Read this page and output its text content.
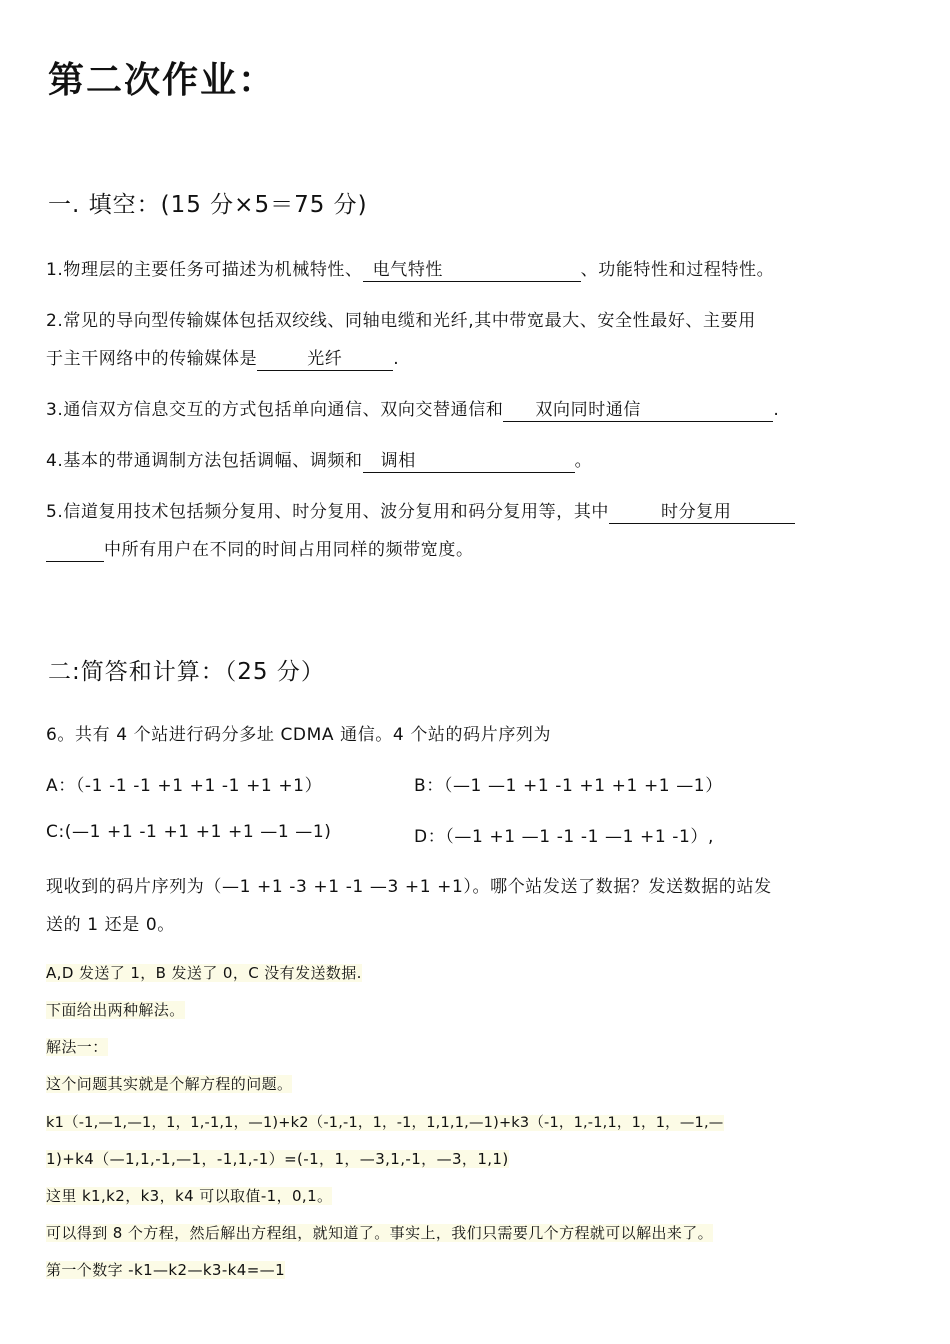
第二次作业：
一. 填空：(15 分×5＝75 分)
1.物理层的主要任务可描述为机械特性、 电气特性	、功能特性和过程特性。
2.常见的导向型传输媒体包括双绞线、同轴电缆和光纤,其中带宽最大、安全性最好、主要用
于主干网络中的传输媒体是	光纤	.
3.通信双方信息交互的方式包括单向通信、双向交替通信和 双向同时通信	.
4.基本的带通调制方法包括调幅、调频和 调相	。
5.信道复用技术包括频分复用、时分复用、波分复用和码分复用等，其中	时分复用
中所有用户在不同的时间占用同样的频带宽度。
二:简答和计算：（25 分）
6。共有 4 个站进行码分多址 CDMA 通信。4 个站的码片序列为
A：（-1 -1 -1 +1 +1 -1 +1 +1）	B：（—1 —1 +1 -1 +1 +1 +1 —1）
C:(—1 +1 -1 +1 +1 +1 —1 —1)	D：（—1 +1 —1 -1 -1 —1 +1 -1）,
现收到的码片序列为（—1 +1 -3 +1 -1 —3 +1 +1）。哪个站发送了数据？发送数据的站发
送的 1 还是 0。
A,D 发送了 1，B 发送了 0，C 没有发送数据.
下面给出两种解法。
解法一：
这个问题其实就是个解方程的问题。
k1（-1,—1,—1，1，1,-1,1，—1)+k2（-1,-1，1，-1，1,1,1,—1)+k3（-1，1,-1,1，1，1，—1,—
1)+k4（—1,1,-1,—1，-1,1,-1）=(-1，1，—3,1,-1，—3，1,1)
这里 k1,k2，k3，k4 可以取值-1，0,1。
可以得到 8 个方程，然后解出方程组，就知道了。事实上，我们只需要几个方程就可以解出来了。
第一个数字 -k1—k2—k3-k4=—1
